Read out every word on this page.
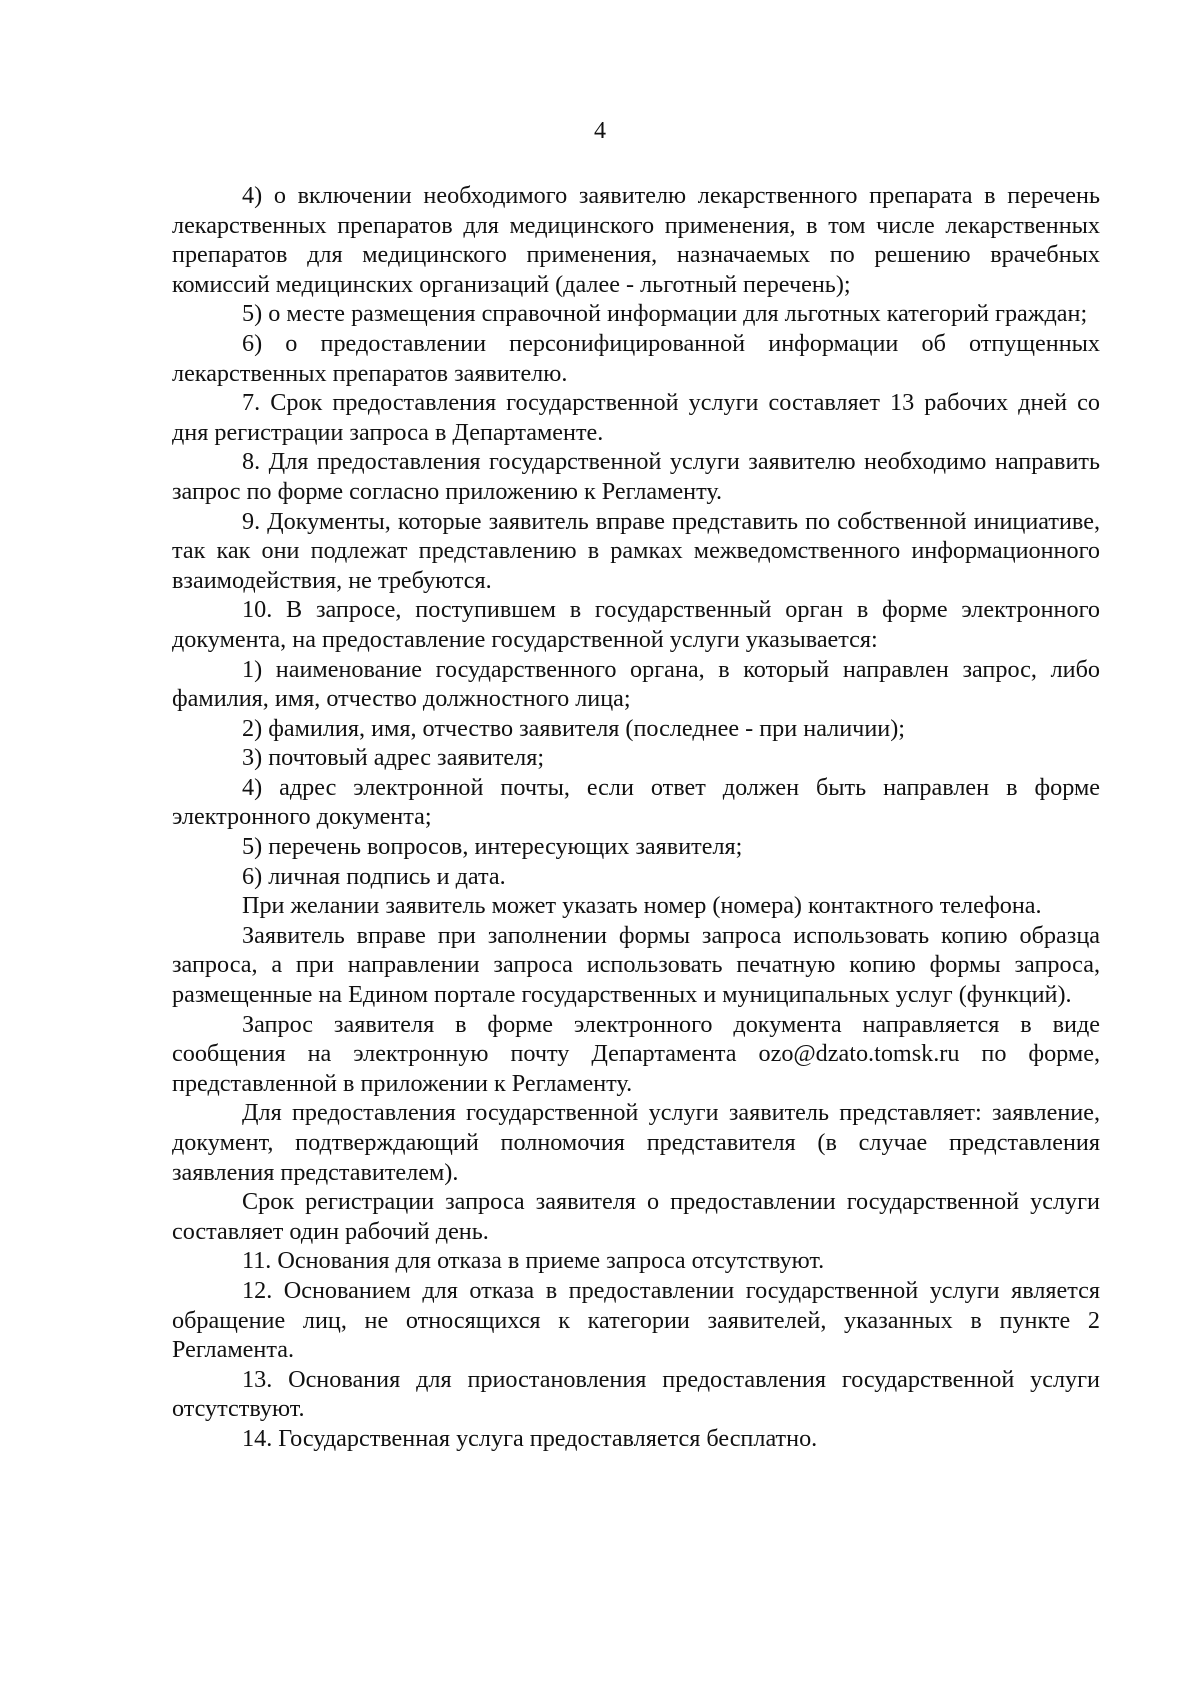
4

4) о включении необходимого заявителю лекарственного препарата в перечень лекарственных препаратов для медицинского применения, в том числе лекарственных препаратов для медицинского применения, назначаемых по решению врачебных комиссий медицинских организаций (далее - льготный перечень);

5) о месте размещения справочной информации для льготных категорий граждан;

6) о предоставлении персонифицированной информации об отпущенных лекарственных препаратов заявителю.

7. Срок предоставления государственной услуги составляет 13 рабочих дней со дня регистрации запроса в Департаменте.

8. Для предоставления государственной услуги заявителю необходимо направить запрос по форме согласно приложению к Регламенту.

9. Документы, которые заявитель вправе представить по собственной инициативе, так как они подлежат представлению в рамках межведомственного информационного взаимодействия, не требуются.

10. В запросе, поступившем в государственный орган в форме электронного документа, на предоставление государственной услуги указывается:

1) наименование государственного органа, в который направлен запрос, либо фамилия, имя, отчество должностного лица;

2) фамилия, имя, отчество заявителя (последнее - при наличии);

3) почтовый адрес заявителя;

4) адрес электронной почты, если ответ должен быть направлен в форме электронного документа;

5) перечень вопросов, интересующих заявителя;

6) личная подпись и дата.

При желании заявитель может указать номер (номера) контактного телефона.

Заявитель вправе при заполнении формы запроса использовать копию образца запроса, а при направлении запроса использовать печатную копию формы запроса, размещенные на Едином портале государственных и муниципальных услуг (функций).

Запрос заявителя в форме электронного документа направляется в виде сообщения на электронную почту Департамента ozo@dzato.tomsk.ru по форме, представленной в приложении к Регламенту.

Для предоставления государственной услуги заявитель представляет: заявление, документ, подтверждающий полномочия представителя (в случае представления заявления представителем).

Срок регистрации запроса заявителя о предоставлении государственной услуги составляет один рабочий день.

11. Основания для отказа в приеме запроса отсутствуют.

12. Основанием для отказа в предоставлении государственной услуги является обращение лиц, не относящихся к категории заявителей, указанных в пункте 2 Регламента.

13. Основания для приостановления предоставления государственной услуги отсутствуют.

14. Государственная услуга предоставляется бесплатно.
